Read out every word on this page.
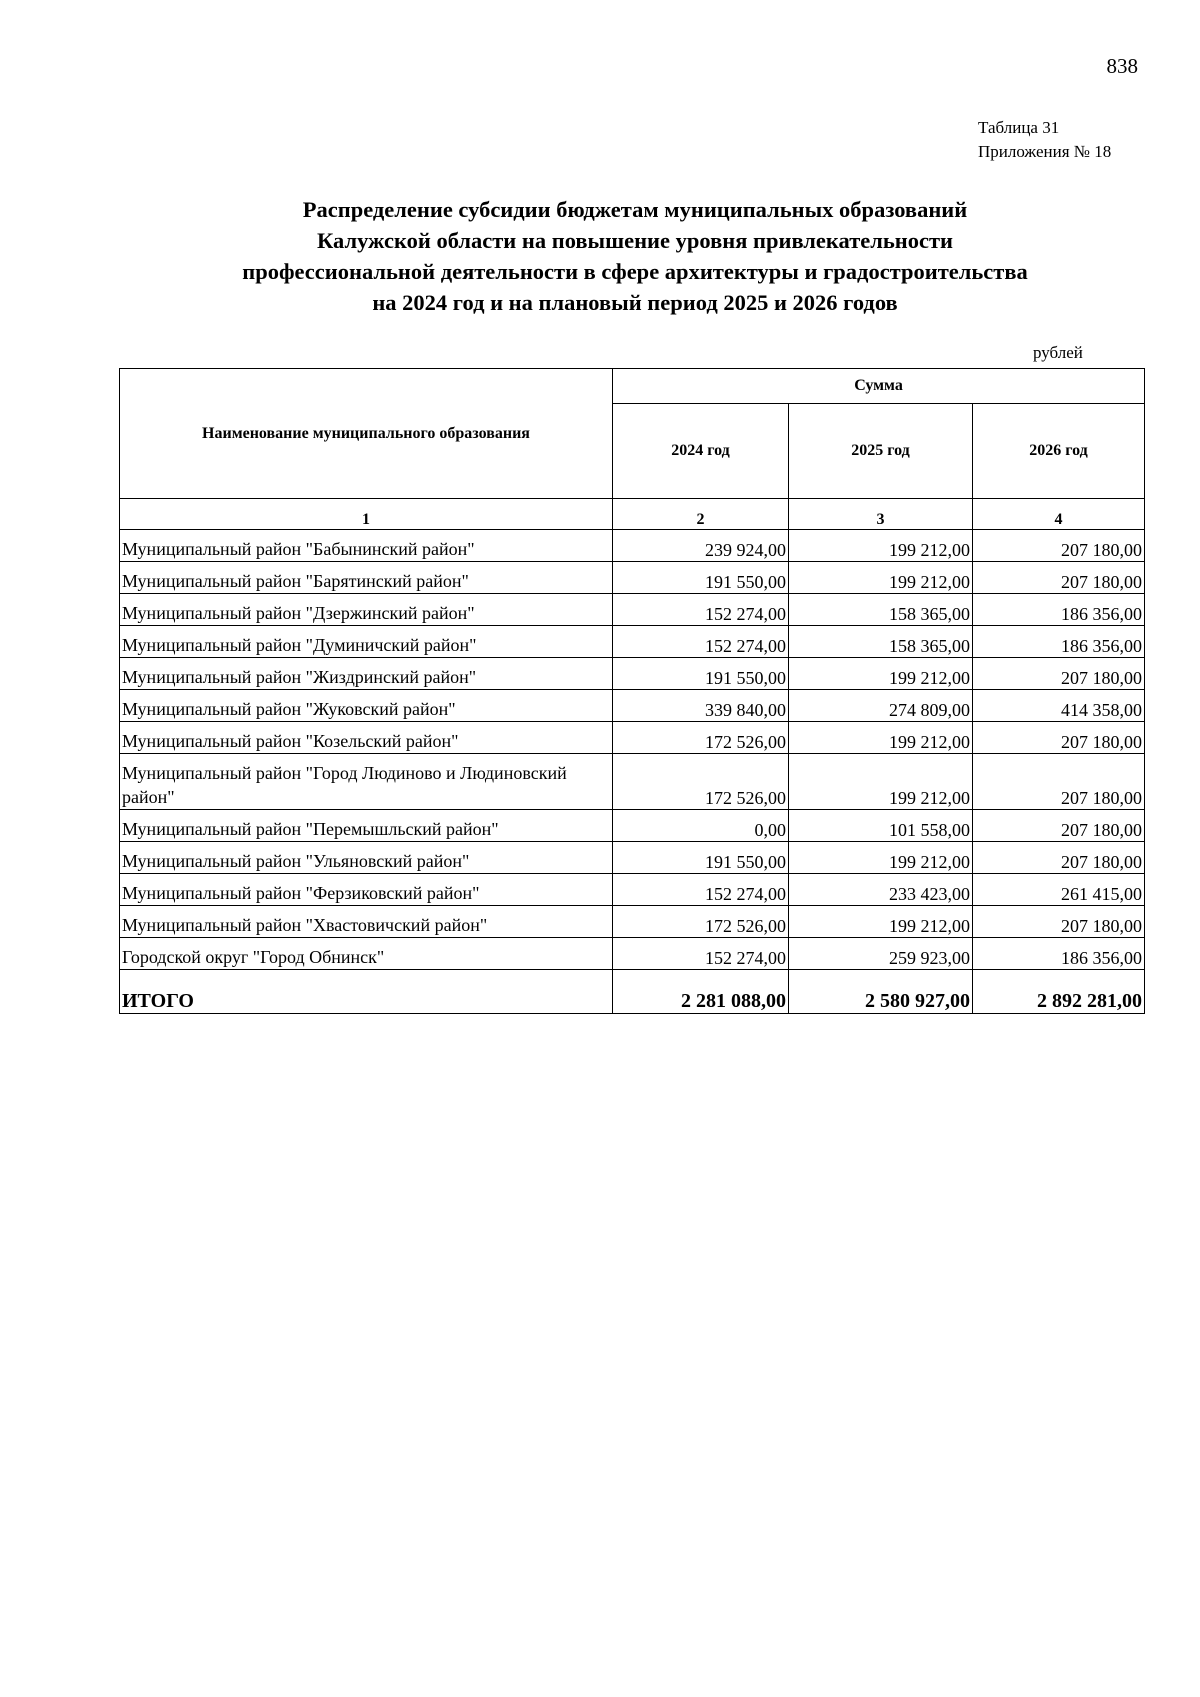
838
Таблица 31
Приложения № 18
Распределение субсидии бюджетам муниципальных образований
Калужской области на повышение уровня привлекательности
профессиональной деятельности в сфере архитектуры и градостроительства
на 2024 год и на плановый период 2025 и 2026 годов
рублей
Наименование муниципального образования	Сумма		
	2024 год	2025 год	2026 год
1	2	3	4
Муниципальный район "Бабынинский район"	239 924,00	199 212,00	207 180,00
Муниципальный район "Барятинский район"	191 550,00	199 212,00	207 180,00
Муниципальный район "Дзержинский район"	152 274,00	158 365,00	186 356,00
Муниципальный район "Думиничский район"	152 274,00	158 365,00	186 356,00
Муниципальный район "Жиздринский район"	191 550,00	199 212,00	207 180,00
Муниципальный район "Жуковский район"	339 840,00	274 809,00	414 358,00
Муниципальный район "Козельский район"	172 526,00	199 212,00	207 180,00
Муниципальный район "Город Людиново и Людиновский район"	172 526,00	199 212,00	207 180,00
Муниципальный район "Перемышльский район"	0,00	101 558,00	207 180,00
Муниципальный район "Ульяновский район"	191 550,00	199 212,00	207 180,00
Муниципальный район "Ферзиковский район"	152 274,00	233 423,00	261 415,00
Муниципальный район "Хвастовичский район"	172 526,00	199 212,00	207 180,00
Городской округ "Город Обнинск"	152 274,00	259 923,00	186 356,00
ИТОГО	2 281 088,00	2 580 927,00	2 892 281,00
